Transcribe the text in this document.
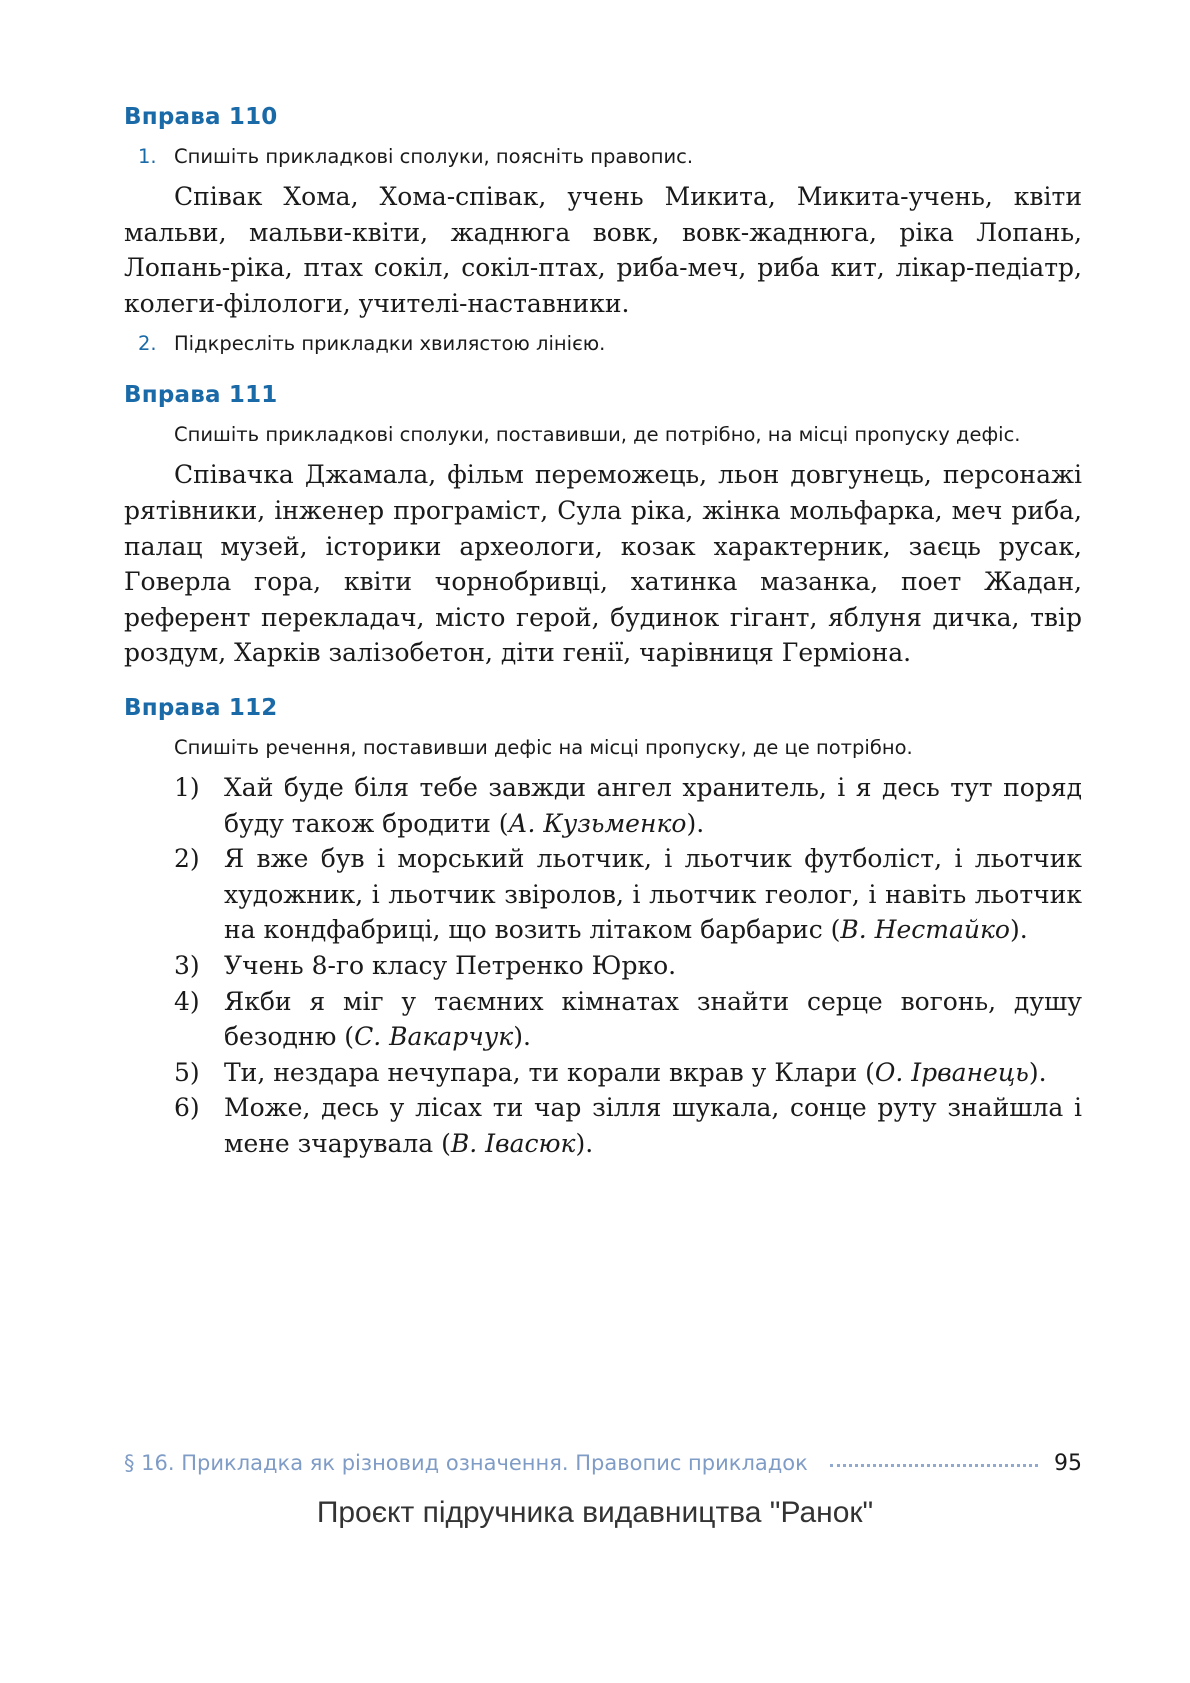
Вправа 110

1. Спишіть прикладкові сполуки, поясніть правопис.

Співак Хома, Хома-співак, учень Микита, Микита-учень, квіти мальви, мальви-квіти, жаднюга вовк, вовк-жаднюга, ріка Лопань, Лопань-ріка, птах сокіл, сокіл-птах, риба-меч, риба кит, лікар-педіатр, колеги-філологи, учителі-наставники.

2. Підкресліть прикладки хвилястою лінією.

Вправа 111

Спишіть прикладкові сполуки, поставивши, де потрібно, на місці пропуску дефіс.

Співачка Джамала, фільм переможець, льон довгунець, персонажі рятівники, інженер програміст, Сула ріка, жінка мольфарка, меч риба, палац музей, історики археологи, козак характерник, заєць русак, Говерла гора, квіти чорнобривці, хатинка мазанка, поет Жадан, референт перекладач, місто герой, будинок гігант, яблуня дичка, твір роздум, Харків залізобетон, діти генії, чарівниця Герміона.

Вправа 112

Спишіть речення, поставивши дефіс на місці пропуску, де це потрібно.

1) Хай буде біля тебе завжди ангел хранитель, і я десь тут поряд буду також бродити (А. Кузьменко).
2) Я вже був і морський льотчик, і льотчик футболіст, і льотчик художник, і льотчик звіролов, і льотчик геолог, і навіть льотчик на кондфабриці, що возить літаком барбарис (В. Нестайко).
3) Учень 8-го класу Петренко Юрко.
4) Якби я міг у таємних кімнатах знайти серце вогонь, душу безодню (С. Вакарчук).
5) Ти, нездара нечупара, ти корали вкрав у Клари (О. Ірванець).
6) Може, десь у лісах ти чар зілля шукала, сонце руту знайшла і мене зчарувала (В. Івасюк).
§ 16. Прикладка як різновид означення. Правопис прикладок	95
Проєкт підручника видавництва "Ранок"
